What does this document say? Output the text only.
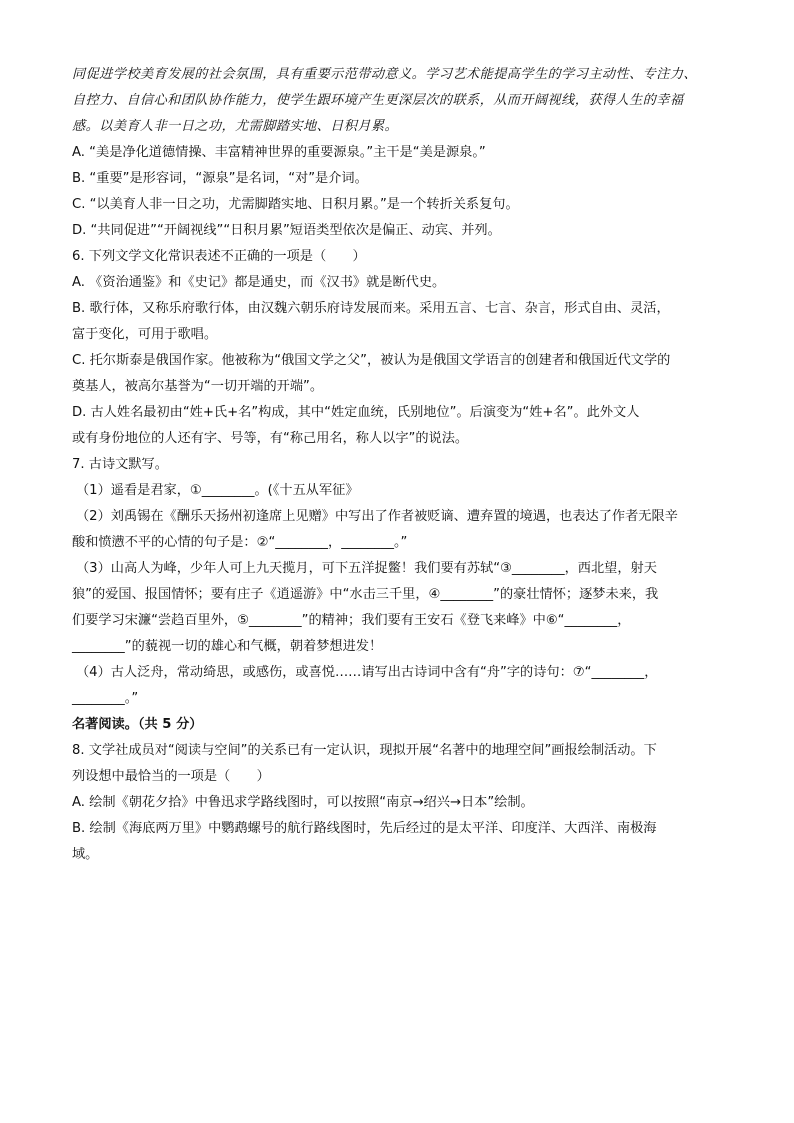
同促进学校美育发展的社会氛围，具有重要示范带动意义。学习艺术能提高学生的学习主动性、专注力、

自控力、自信心和团队协作能力，使学生跟环境产生更深层次的联系，从而开阔视线，获得人生的幸福

感。以美育人非一日之功，尤需脚踏实地、日积月累。

A. “美是净化道德情操、丰富精神世界的重要源泉。”主干是“美是源泉。”

B. “重要”是形容词，“源泉”是名词，“对”是介词。

C. “以美育人非一日之功，尤需脚踏实地、日积月累。”是一个转折关系复句。

D. “共同促进”“开阔视线”“日积月累”短语类型依次是偏正、动宾、并列。

6. 下列文学文化常识表述不正确的一项是（　　）

A. 《资治通鉴》和《史记》都是通史，而《汉书》就是断代史。

B. 歌行体，又称乐府歌行体，由汉魏六朝乐府诗发展而来。采用五言、七言、杂言，形式自由、灵活，

富于变化，可用于歌唱。

C. 托尔斯泰是俄国作家。他被称为“俄国文学之父”，被认为是俄国文学语言的创建者和俄国近代文学的

奠基人，被高尔基誉为“一切开端的开端”。

D. 古人姓名最初由“姓+氏+名”构成，其中“姓定血统，氏别地位”。后演变为“姓+名”。此外文人

或有身份地位的人还有字、号等，有“称己用名，称人以字”的说法。

7. 古诗文默写。

（1）遥看是君家，①________。(《十五从军征》

（2）刘禹锡在《酬乐天扬州初逢席上见赠》中写出了作者被贬谪、遭弃置的境遇，也表达了作者无限辛

酸和愤懑不平的心情的句子是：②“________，________。”

（3）山高人为峰，少年人可上九天揽月，可下五洋捉鳖！我们要有苏轼“③________，西北望，射天

狼”的爱国、报国情怀；要有庄子《逍遥游》中“水击三千里，④________”的豪壮情怀；逐梦未来，我

们要学习宋濂“尝趋百里外，⑤________”的精神；我们要有王安石《登飞来峰》中⑥“________，

________”的藐视一切的雄心和气概，朝着梦想进发！

（4）古人泛舟，常动绮思，或感伤，或喜悦……请写出古诗词中含有“舟”字的诗句：⑦“________，

________。”

名著阅读。（共 5 分）

8. 文学社成员对“阅读与空间”的关系已有一定认识，现拟开展“名著中的地理空间”画报绘制活动。下

列设想中最恰当的一项是（　　）

A. 绘制《朝花夕拾》中鲁迅求学路线图时，可以按照“南京→绍兴→日本”绘制。

B. 绘制《海底两万里》中鹦鹉螺号的航行路线图时，先后经过的是太平洋、印度洋、大西洋、南极海

域。
